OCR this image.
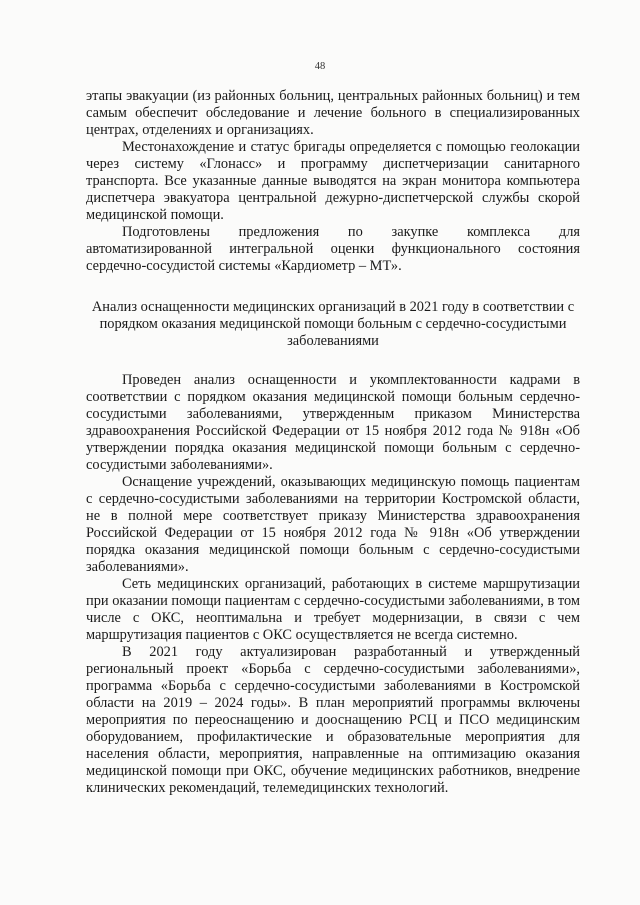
48

этапы эвакуации (из районных больниц, центральных районных больниц) и тем самым обеспечит обследование и лечение больного в специализированных центрах, отделениях и организациях.

Местонахождение и статус бригады определяется с помощью геолокации через систему «Глонасс» и программу диспетчеризации санитарного транспорта. Все указанные данные выводятся на экран монитора компьютера диспетчера эвакуатора центральной дежурно-диспетчерской службы скорой медицинской помощи.

Подготовлены предложения по закупке комплекса для автоматизированной интегральной оценки функционального состояния сердечно-сосудистой системы «Кардиометр – МТ».

Анализ оснащенности медицинских организаций в 2021 году в соответствии с порядком оказания медицинской помощи больным с сердечно-сосудистыми заболеваниями

Проведен анализ оснащенности и укомплектованности кадрами в соответствии с порядком оказания медицинской помощи больным сердечно-сосудистыми заболеваниями, утвержденным приказом Министерства здравоохранения Российской Федерации от 15 ноября 2012 года № 918н «Об утверждении порядка оказания медицинской помощи больным с сердечно-сосудистыми заболеваниями».

Оснащение учреждений, оказывающих медицинскую помощь пациентам с сердечно-сосудистыми заболеваниями на территории Костромской области, не в полной мере соответствует приказу Министерства здравоохранения Российской Федерации от 15 ноября 2012 года № 918н «Об утверждении порядка оказания медицинской помощи больным с сердечно-сосудистыми заболеваниями».

Сеть медицинских организаций, работающих в системе маршрутизации при оказании помощи пациентам с сердечно-сосудистыми заболеваниями, в том числе с ОКС, неоптимальна и требует модернизации, в связи с чем маршрутизация пациентов с ОКС осуществляется не всегда системно.

В 2021 году актуализирован разработанный и утвержденный региональный проект «Борьба с сердечно-сосудистыми заболеваниями», программа «Борьба с сердечно-сосудистыми заболеваниями в Костромской области на 2019 – 2024 годы». В план мероприятий программы включены мероприятия по переоснащению и дооснащению РСЦ и ПСО медицинским оборудованием, профилактические и образовательные мероприятия для населения области, мероприятия, направленные на оптимизацию оказания медицинской помощи при ОКС, обучение медицинских работников, внедрение клинических рекомендаций, телемедицинских технологий.
